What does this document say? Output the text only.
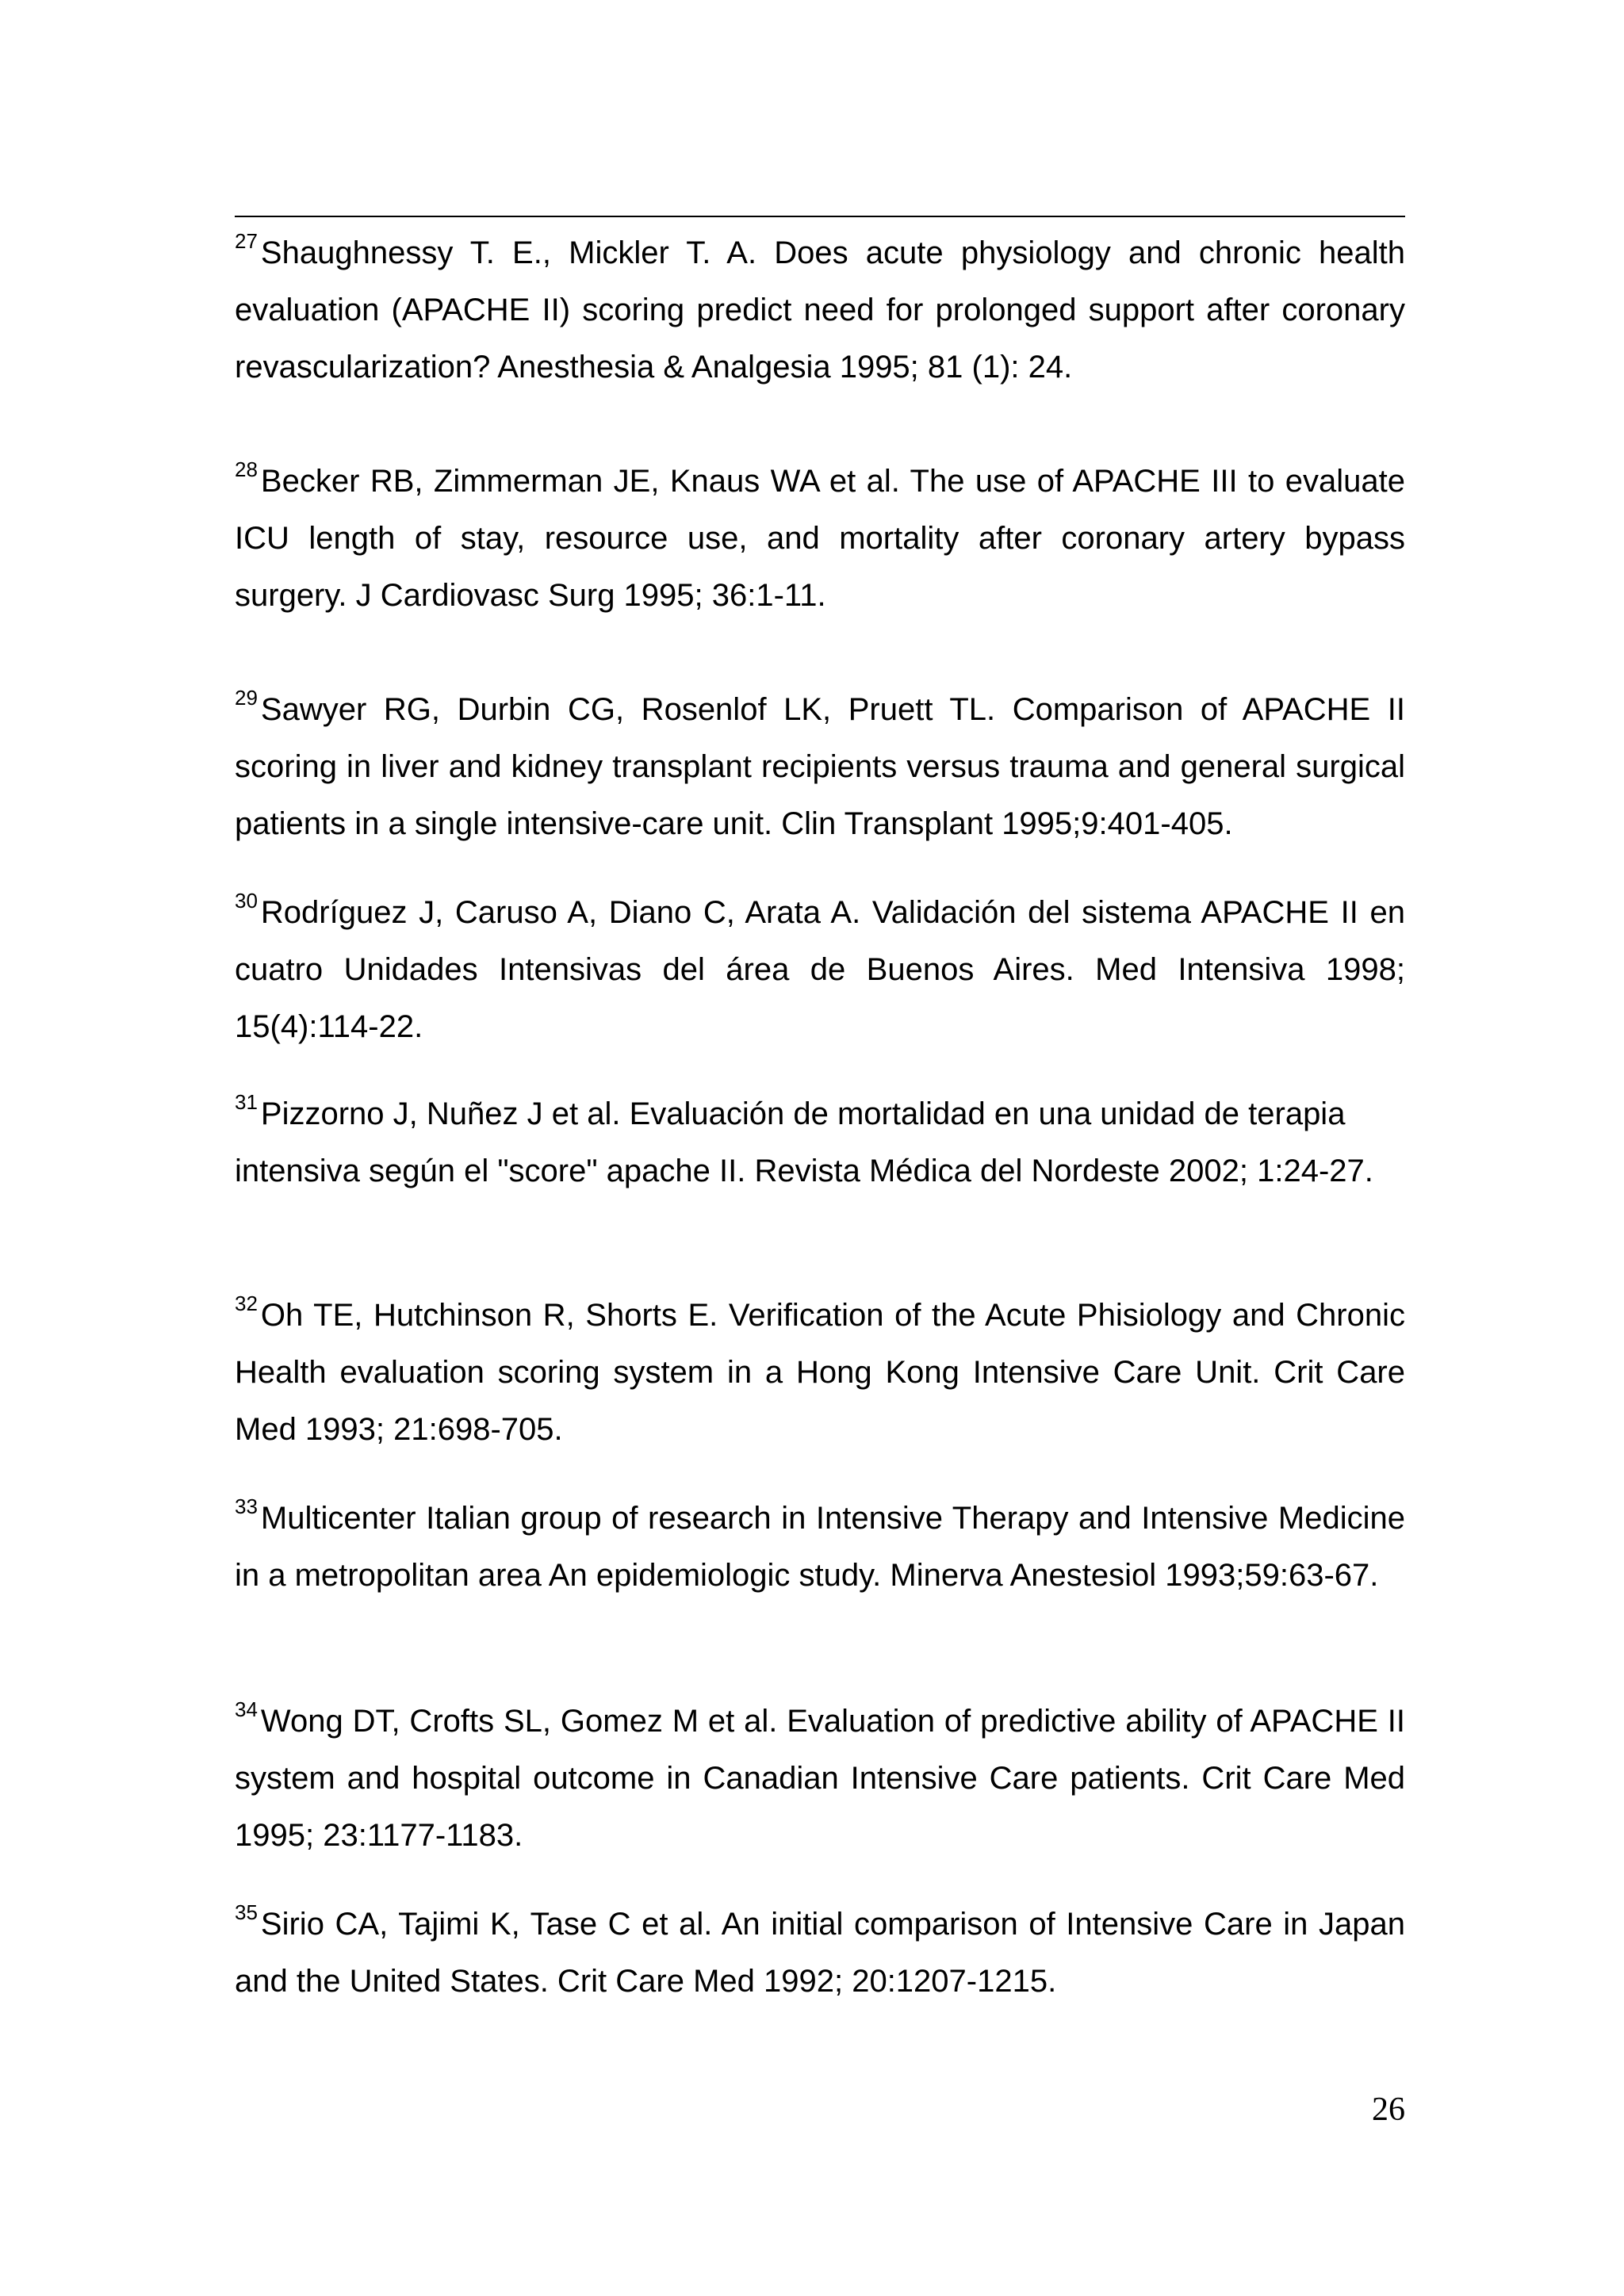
$^{27}$ Shaughnessy T. E., Mickler T. A. Does acute physiology and chronic health evaluation (APACHE II) scoring predict need for prolonged support after coronary revascularization? Anesthesia & Analgesia 1995; 81 (1): 24.

$^{28}$ Becker RB, Zimmerman JE, Knaus WA et al. The use of APACHE III to evaluate ICU length of stay, resource use, and mortality after coronary artery bypass surgery. J Cardiovasc Surg 1995; 36:1-11.

$^{29}$ Sawyer RG, Durbin CG, Rosenlof LK, Pruett TL. Comparison of APACHE II scoring in liver and kidney transplant recipients versus trauma and general surgical patients in a single intensive-care unit. Clin Transplant 1995;9:401-405.

$^{30}$ Rodríguez J, Caruso A, Diano C, Arata A. Validación del sistema APACHE II en cuatro Unidades Intensivas del área de Buenos Aires. Med Intensiva 1998; 15(4):114-22.

$^{31}$ Pizzorno J, Nuñez J et al. Evaluación de mortalidad en una unidad de terapia intensiva según el "score" apache II. Revista Médica del Nordeste 2002; 1:24-27.

$^{32}$ Oh TE, Hutchinson R, Shorts E. Verification of the Acute Phisiology and Chronic Health evaluation scoring system in a Hong Kong Intensive Care Unit. Crit Care Med 1993; 21:698-705.

$^{33}$ Multicenter Italian group of research in Intensive Therapy and Intensive Medicine in a metropolitan area An epidemiologic study. Minerva Anestesiol 1993;59:63-67.

$^{34}$ Wong DT, Crofts SL, Gomez M et al. Evaluation of predictive ability of APACHE II system and hospital outcome in Canadian Intensive Care patients. Crit Care Med 1995; 23:1177-1183.

$^{35}$ Sirio CA, Tajimi K, Tase C et al. An initial comparison of Intensive Care in Japan and the United States. Crit Care Med 1992; 20:1207-1215.

26
